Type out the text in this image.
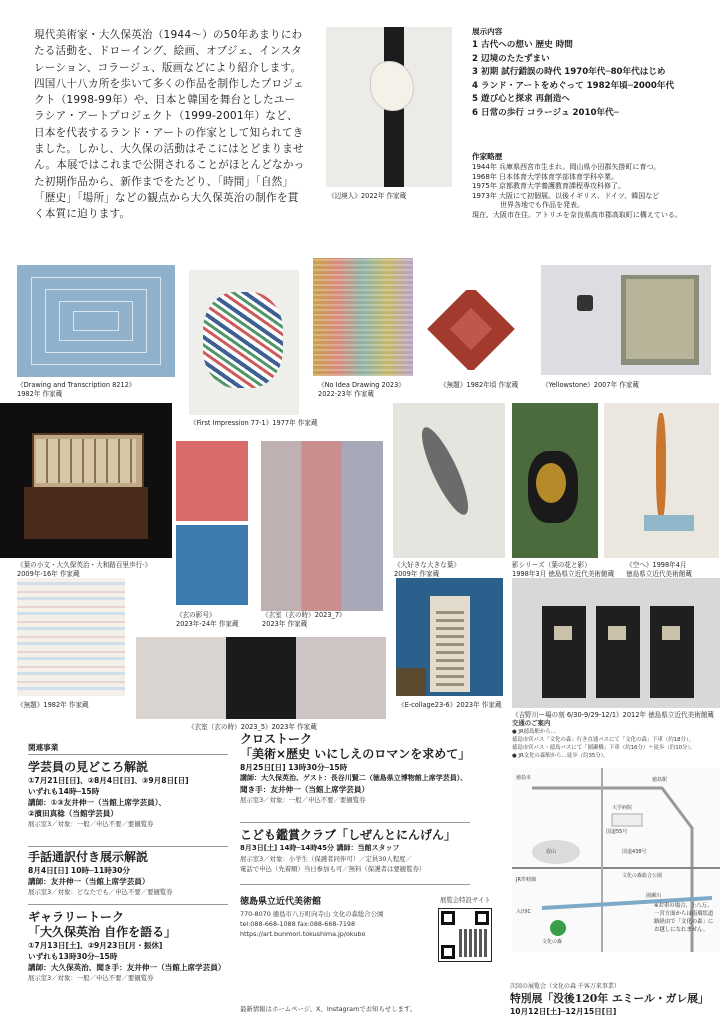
現代美術家・大久保英治（1944〜）の50年あまりにわたる活動を、ドローイング、絵画、オブジェ、インスタレーション、コラージュ、版画などにより紹介します。四国八十八カ所を歩いて多くの作品を制作したプロジェクト（1998-99年）や、日本と韓国を舞台としたユーラシア・アートプロジェクト（1999-2001年）など、日本を代表するランド・アートの作家として知られてきました。しかし、大久保の活動はそこにはとどまりません。本展ではこれまで公開されることがほとんどなかった初期作品から、新作までをたどり、「時間」「自然」「歴史」「場所」などの観点から大久保英治の制作を貫く本質に迫ります。
《辺境人》2022年 作家蔵
展示内容
1 古代への想い 歴史 時間
2 辺境のたたずまい
3 初期 試行錯誤の時代 1970年代─80年代はじめ
4 ランド・アートをめぐって 1982年頃─2000年代
5 遊び心と探求 再創造へ
6 日常の歩行 コラージュ 2010年代─
作家略歴

1944年 兵庫県西宮市生まれ。岡山県小田郡矢掛町に育つ。

1968年 日本体育大学体育学部体育学科卒業。

1975年 京都教育大学養護教育課程専攻科修了。

1973年 大阪にて初個展。以後イギリス、ドイツ、韓国など

　　　　世界各地でも作品を発表。

現在、大阪市在住。アトリエを奈良県高市郡高取町に構えている。

《Drawing and Transcription 8212》
1982年 作家蔵
《First Impression 77-1》1977年 作家蔵
《No Idea Drawing 2023》
2022-23年 作家蔵
《無題》1982年頃 作家蔵	《Yellowstone》2007年 作家蔵
《葉の小文・大久保英治・大和路百里歩行-》
2009年-16年 作家蔵
《玄の影号》
2023年-24年 作家蔵
《玄室（玄の時）2023_7》
2023年 作家蔵
《大好きな大きな葉》
2009年 作家蔵
影シリーズ（葉の花と影）
1998年3月 徳島県立近代美術館蔵
《空へ》1998年4月
徳島県立近代美術館蔵
《無題》1982年 作家蔵
《玄室（玄の時）2023_5》2023年 作家蔵
《E-collage23-6》2023年 作家蔵
《吉野川ー場の刻 6/30-9/29-12/1》2012年 徳島県立近代美術館蔵
関連事業
学芸員の見どころ解説
①7月21日[日]、②8月4日[日]、③9月8日[日]
いずれも14時─15時
講師：①③友井伸一（当館上席学芸員）、
②濱田真稔（当館学芸員）
展示室3／対象：一般／申込不要／要観覧券
手話通訳付き展示解説
8月4日[日] 10時─11時30分
講師：友井伸一（当館上席学芸員）
展示室3／対象：どなたでも／申込不要／要観覧券
ギャラリートーク
「大久保英治 自作を語る」
①7月13日[土]、②9月23日[月・振休]
いずれも13時30分─15時
講師：大久保英治、聞き手：友井伸一（当館上席学芸員）
展示室3／対象：一般／申込不要／要観覧券
クロストーク
「美術×歴史 いにしえのロマンを求めて」
8月25日[日] 13時30分─15時
講師：大久保英治、ゲスト：長谷川賢二（徳島県立博物館上席学芸員）、
聞き手：友井伸一（当館上席学芸員）
展示室3／対象：一般／申込不要／要観覧券
こども鑑賞クラブ「しぜんとにんげん」
8月3日[土] 14時─14時45分 講師：当館スタッフ
展示室3／対象：小学生（保護者同伴可）／定員30人程度／
電話で申込（先着順）当日参加も可／無料（保護者は要観覧券）
徳島県立近代美術館
770-8070 徳島市八万町向寺山 文化の森総合公園
tel:088-668-1088 fax:088-668-7198
https://art.bunmori.tokushima.jp/okubo
最新情報はホームページ、X、Instagramでお知らせします。
展覧会特設サイト
交通のご案内
● JR徳島駅から…
徳島市営バス「文化の森」行き直通バスにて「文化の森」下車（約18分）。
徳島市営バス・徳島バスにて「園瀬橋」下車（約16分）＋徒歩（約10分）。
● JR文化の森駅から…徒歩（約35分）。
園瀬川
文化の森総合公園
徳島市
国道55号
文化の森
JR牟岐線
徳島駅
眉山
大学病院
入田IC
国道438号
※お車の場合、上八万、一宮方面からは南環状道路経由で「文化の森」にお越しになれません。
次回の展覧会（文化の森 千客万来事業）
特別展「没後120年 エミール・ガレ展」
10月12日[土]─12月15日[日]
